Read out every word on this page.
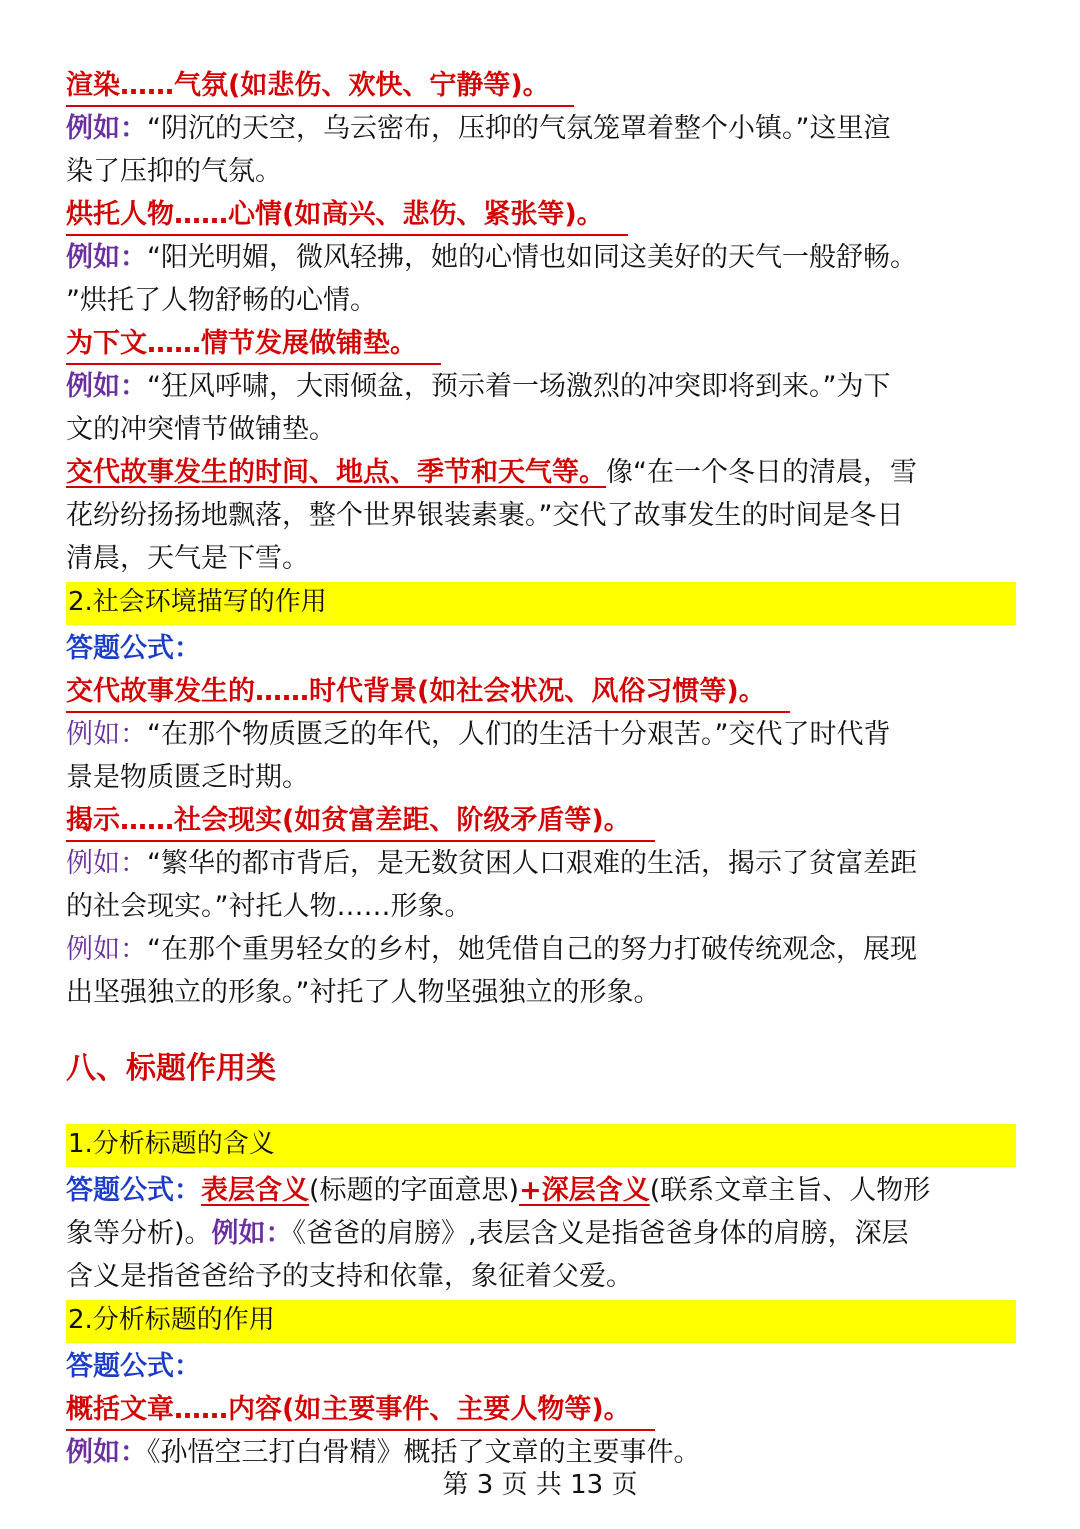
渲染……气氛(如悲伤、欢快、宁静等)。

例如：“阴沉的天空，乌云密布，压抑的气氛笼罩着整个小镇。”这里渲

染了压抑的气氛。

烘托人物……心情(如高兴、悲伤、紧张等)。

例如：“阳光明媚，微风轻拂，她的心情也如同这美好的天气一般舒畅。

”烘托了人物舒畅的心情。

为下文……情节发展做铺垫。

例如：“狂风呼啸，大雨倾盆，预示着一场激烈的冲突即将到来。”为下

文的冲突情节做铺垫。

交代故事发生的时间、地点、季节和天气等。像“在一个冬日的清晨，雪

花纷纷扬扬地飘落，整个世界银装素裹。”交代了故事发生的时间是冬日

清晨，天气是下雪。

2.社会环境描写的作用

答题公式：

交代故事发生的……时代背景(如社会状况、风俗习惯等)。

例如：“在那个物质匮乏的年代，人们的生活十分艰苦。”交代了时代背

景是物质匮乏时期。

揭示……社会现实(如贫富差距、阶级矛盾等)。

例如：“繁华的都市背后，是无数贫困人口艰难的生活，揭示了贫富差距

的社会现实。”衬托人物……形象。

例如：“在那个重男轻女的乡村，她凭借自己的努力打破传统观念，展现

出坚强独立的形象。”衬托了人物坚强独立的形象。

八、标题作用类

1.分析标题的含义

答题公式：表层含义(标题的字面意思)+深层含义(联系文章主旨、人物形

象等分析)。例如：《爸爸的肩膀》,表层含义是指爸爸身体的肩膀，深层

含义是指爸爸给予的支持和依靠，象征着父爱。

2.分析标题的作用

答题公式：

概括文章……内容(如主要事件、主要人物等)。

例如：《孙悟空三打白骨精》概括了文章的主要事件。

第 3 页 共 13 页
